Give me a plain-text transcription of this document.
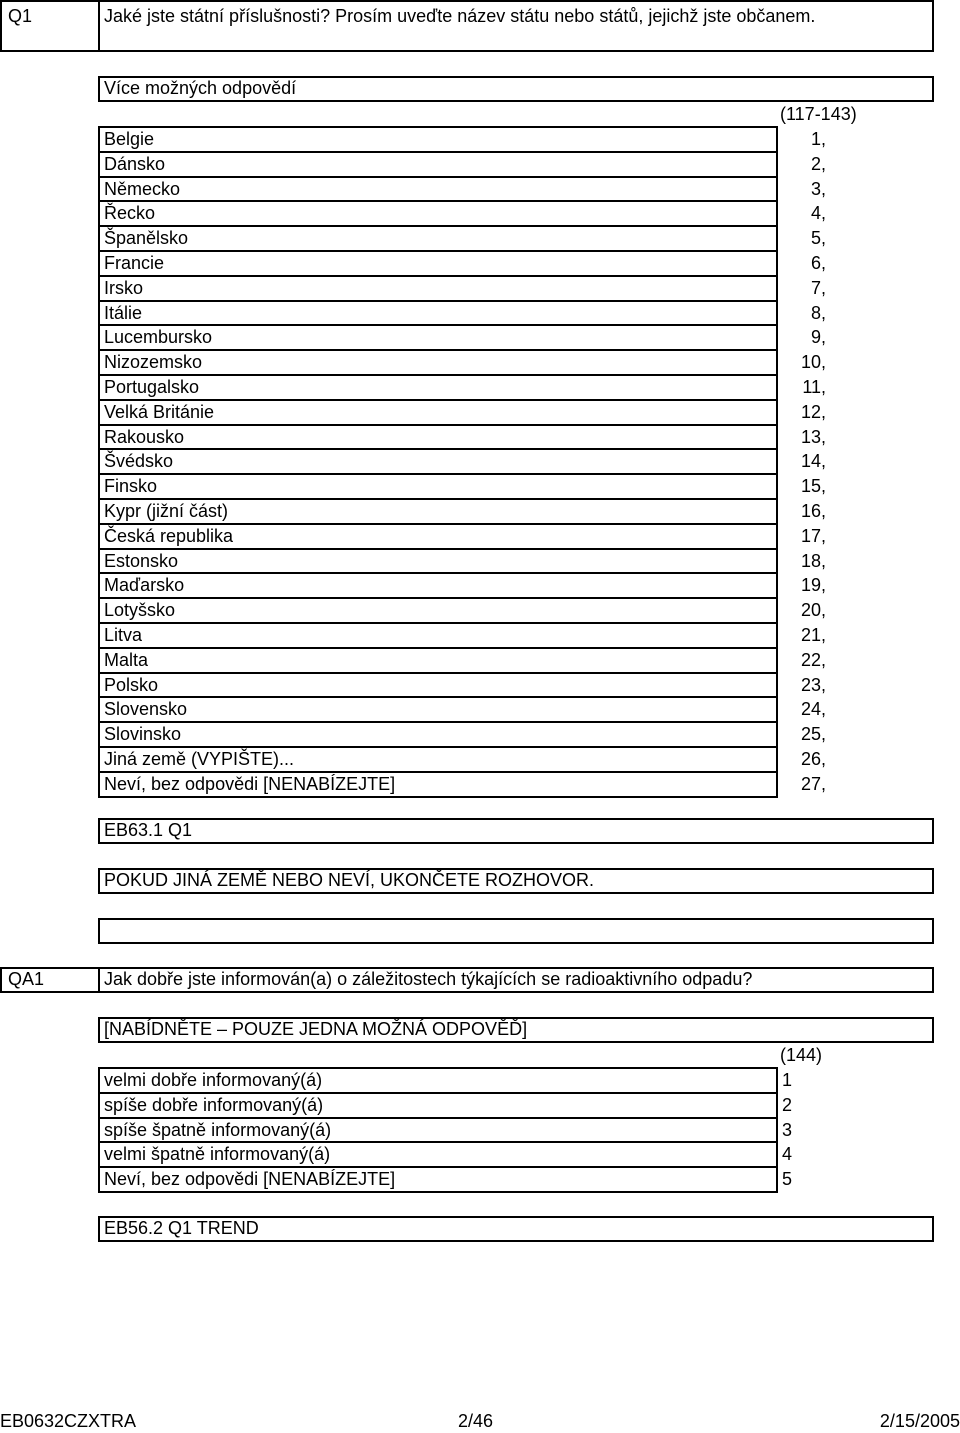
Q1	Jaké jste státní příslušnosti? Prosím uveďte název státu nebo států, jejichž jste občanem.
Více možných odpovědí
(117-143)
Belgie	1,
Dánsko	2,
Německo	3,
Řecko	4,
Španělsko	5,
Francie	6,
Irsko	7,
Itálie	8,
Lucembursko	9,
Nizozemsko	10,
Portugalsko	11,
Velká Británie	12,
Rakousko	13,
Švédsko	14,
Finsko	15,
Kypr (jižní část)	16,
Česká republika	17,
Estonsko	18,
Maďarsko	19,
Lotyšsko	20,
Litva	21,
Malta	22,
Polsko	23,
Slovensko	24,
Slovinsko	25,
Jiná země (VYPIŠTE)...	26,
Neví, bez odpovědi [NENABÍZEJTE]	27,
EB63.1 Q1
POKUD JINÁ ZEMĚ NEBO NEVÍ, UKONČETE ROZHOVOR.
QA1	Jak dobře jste informován(a) o záležitostech týkajících se radioaktivního odpadu?
[NABÍDNĚTE – POUZE JEDNA MOŽNÁ ODPOVĚĎ]
(144)
velmi dobře informovaný(á)	1
spíše dobře informovaný(á)	2
spíše špatně informovaný(á)	3
velmi špatně informovaný(á)	4
Neví, bez odpovědi [NENABÍZEJTE]	5
EB56.2 Q1 TREND
EB0632CZXTRA	2/46	2/15/2005
